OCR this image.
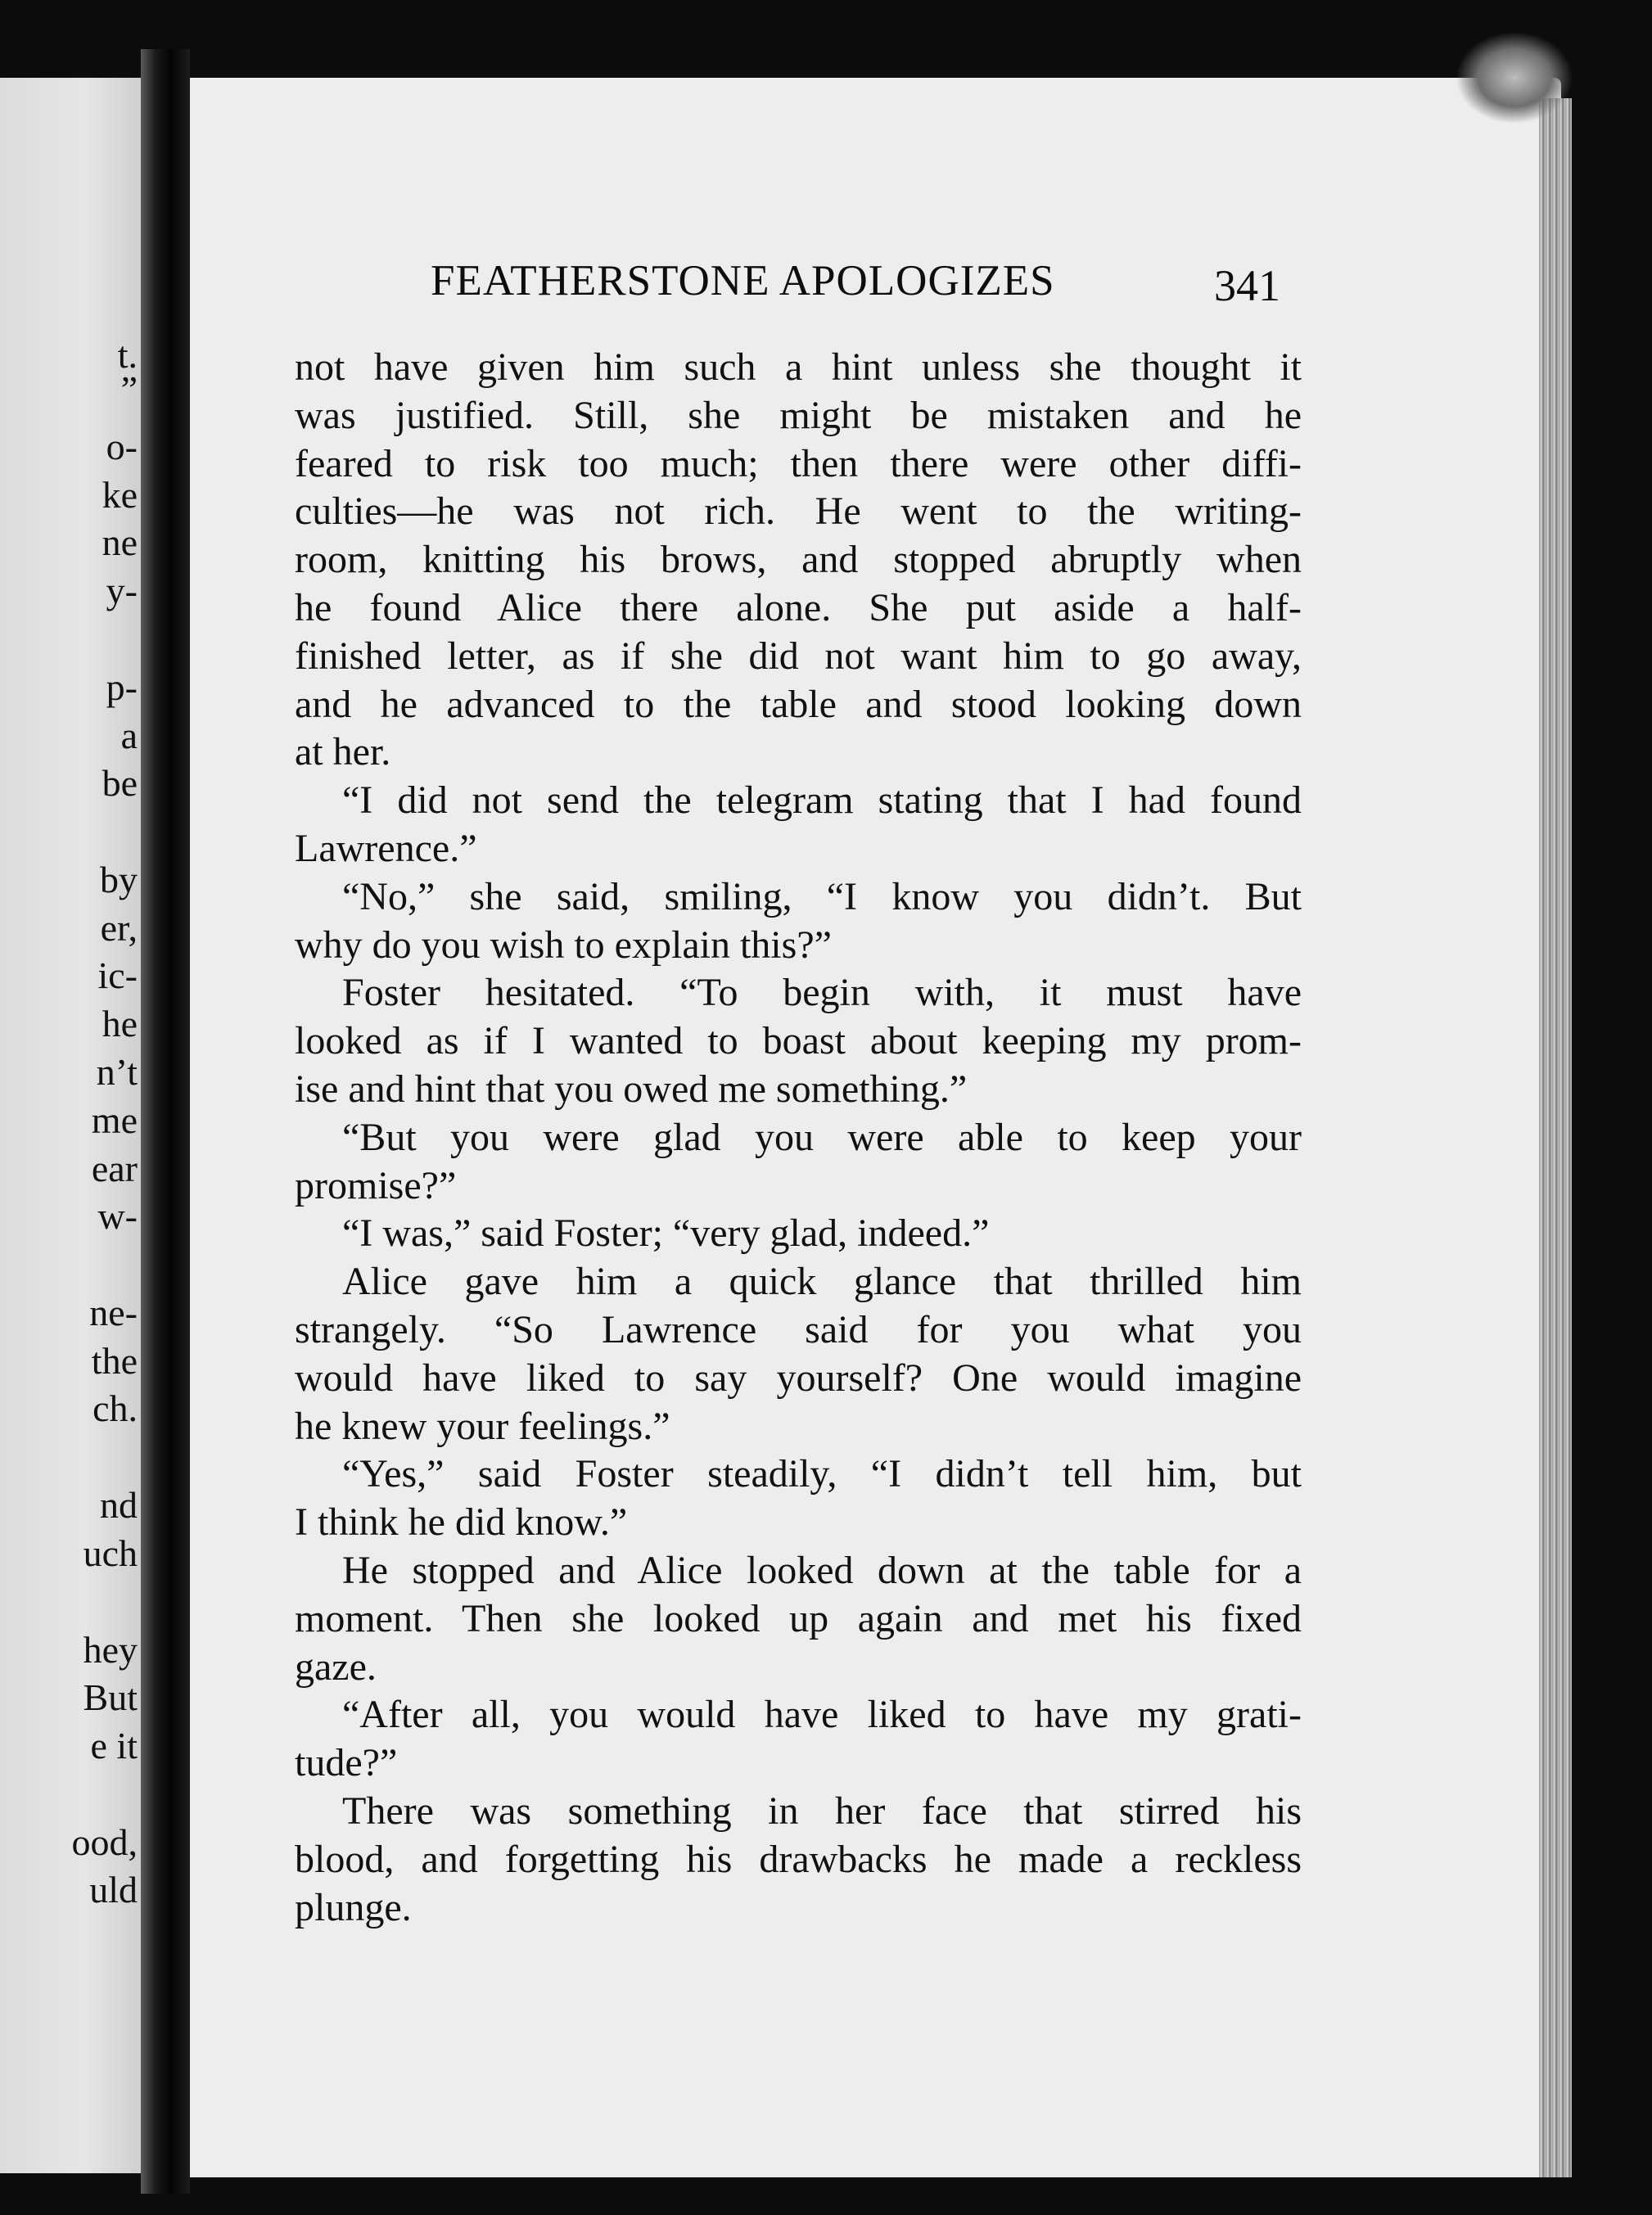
t.
”
o-
ke
ne
y-
p-
a
be
by
er,
ic-
he
n’t
me
ear
w-
ne-
the
ch.
nd
uch
hey
But
e it
ood,
uld
FEATHERSTONE APOLOGIZES	341
not have given him such a hint unless she thought it
was justified. Still, she might be mistaken and he
feared to risk too much; then there were other diffi-
culties—he was not rich. He went to the writing-
room, knitting his brows, and stopped abruptly when
he found Alice there alone. She put aside a half-
finished letter, as if she did not want him to go away,
and he advanced to the table and stood looking down
at her.
“I did not send the telegram stating that I had found
Lawrence.”
“No,” she said, smiling, “I know you didn’t. But
why do you wish to explain this?”
Foster hesitated. “To begin with, it must have
looked as if I wanted to boast about keeping my prom-
ise and hint that you owed me something.”
“But you were glad you were able to keep your
promise?”
“I was,” said Foster; “very glad, indeed.”
Alice gave him a quick glance that thrilled him
strangely. “So Lawrence said for you what you
would have liked to say yourself? One would imagine
he knew your feelings.”
“Yes,” said Foster steadily, “I didn’t tell him, but
I think he did know.”
He stopped and Alice looked down at the table for a
moment. Then she looked up again and met his fixed
gaze.
“After all, you would have liked to have my grati-
tude?”
There was something in her face that stirred his
blood, and forgetting his drawbacks he made a reckless
plunge.
